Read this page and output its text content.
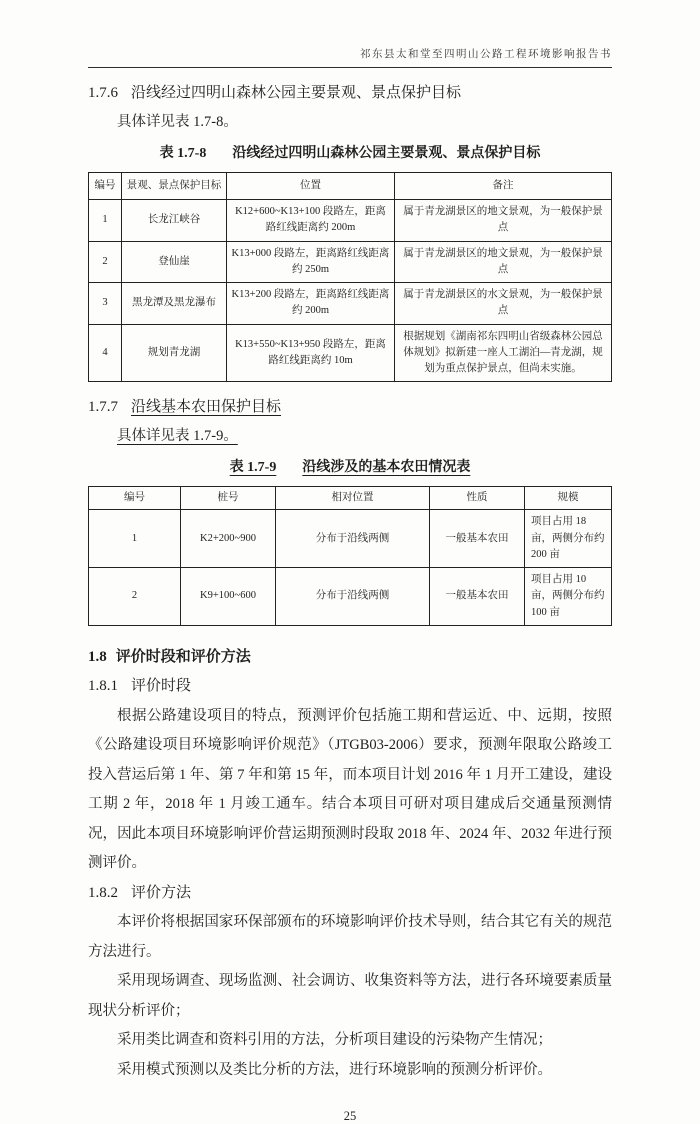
祁东县太和堂至四明山公路工程环境影响报告书
1.7.6 沿线经过四明山森林公园主要景观、景点保护目标

具体详见表 1.7-8。

表 1.7-8 沿线经过四明山森林公园主要景观、景点保护目标
编号	景观、景点保护目标	位置	备注
1	长龙江峡谷	K12+600~K13+100 段路左，距离路红线距离约 200m	属于青龙湖景区的地文景观，为一般保护景点
2	登仙崖	K13+000 段路左，距离路红线距离约 250m	属于青龙湖景区的地文景观，为一般保护景点
3	黑龙潭及黑龙瀑布	K13+200 段路左，距离路红线距离约 200m	属于青龙湖景区的水文景观，为一般保护景点
4	规划青龙湖	K13+550~K13+950 段路左，距离路红线距离约 10m	根据规划《湖南祁东四明山省级森林公园总体规划》拟新建一座人工湖泊—青龙湖，规划为重点保护景点，但尚未实施。
1.7.7 沿线基本农田保护目标

具体详见表 1.7-9。

表 1.7-9 沿线涉及的基本农田情况表
编号	桩号	相对位置	性质	规模
1	K2+200~900	分布于沿线两侧	一般基本农田	项目占用 18 亩，两侧分布约 200 亩
2	K9+100~600	分布于沿线两侧	一般基本农田	项目占用 10 亩，两侧分布约 100 亩
1.8 评价时段和评价方法
1.8.1 评价时段

根据公路建设项目的特点，预测评价包括施工期和营运近、中、远期，按照《公路建设项目环境影响评价规范》（JTGB03-2006）要求，预测年限取公路竣工投入营运后第 1 年、第 7 年和第 15 年，而本项目计划 2016 年 1 月开工建设，建设工期 2 年，2018 年 1 月竣工通车。结合本项目可研对项目建成后交通量预测情况，因此本项目环境影响评价营运期预测时段取 2018 年、2024 年、2032 年进行预测评价。

1.8.2 评价方法

本评价将根据国家环保部颁布的环境影响评价技术导则，结合其它有关的规范方法进行。

采用现场调查、现场监测、社会调访、收集资料等方法，进行各环境要素质量现状分析评价；

采用类比调查和资料引用的方法，分析项目建设的污染物产生情况；

采用模式预测以及类比分析的方法，进行环境影响的预测分析评价。

25
